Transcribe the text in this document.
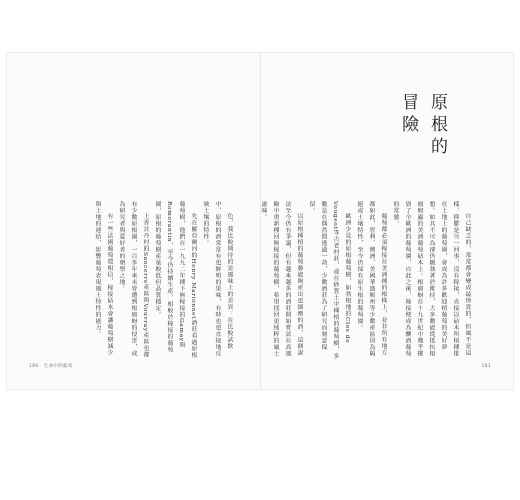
原根的
冒險

自己缺乏的，常常都會變成最珍貴的，但風不是這樣，抑鬱是另一回事，沒有稼接，直接以砧木所植種推在土地上的葡萄園，會成為許多歡迎植葡萄的美好夢想。如其不可為卻仍願執著於維持，大多數能從抵抗根瘤蚜蟲的美洲葡萄砧木上。根瘤蚜在十九世紀中幾乎摧毀了全歐洲的葡萄園，自此之後，嫁接便成為釀酒葡萄的常態。

葡萄都必須稼接在美洲種的根株上，並非所有地方都如此，智利、澳洲、美國華盛頓州等少數產區因為隔絕或土壤特性，至今仍保有原生根的葡萄園。

歐洲少見的原根葡萄樹，如勃根地的Clos de Vougeot等古老村莊，或在砂質土中種植的葡萄樹，多數是在偶然間逃過一劫，少數酒莊為了研究而刻意保留。

以原根種植的葡萄藤能夠產出更細緻的酒，這個說法至今仍有爭議，但有越來越多的酒莊開始嘗試在高風險中重新種回無稼接的葡萄樹，希望找回更純粹的風土滋味。

色，我比較期待的是風味上的差異：在比較試飲中，原根的酒常常有更鮮明的果味，有時也更直接地反映土壤的特性。

先在羅亞爾河的Henry Marionnet酒莊看過原根葡萄樹，他們在一九九二年種下無稼接的Gamay與Romorantin，至今仍持續生產，相較於稼接的葡萄園，原根的葡萄樹產量較低但品質穩定。

上香貝丹村的Sancerre產區與Vouvray產區也都有少數原根園，一百多年來未曾遭到根瘤蚜的侵害，成為研究者與愛好者的朝聖之地。

有一些法國葡萄農相信，稼接砧木會讓葡萄樹減少與土地的連結，影響葡萄表現風土特性的能力。

180 生命中的葡萄	181
